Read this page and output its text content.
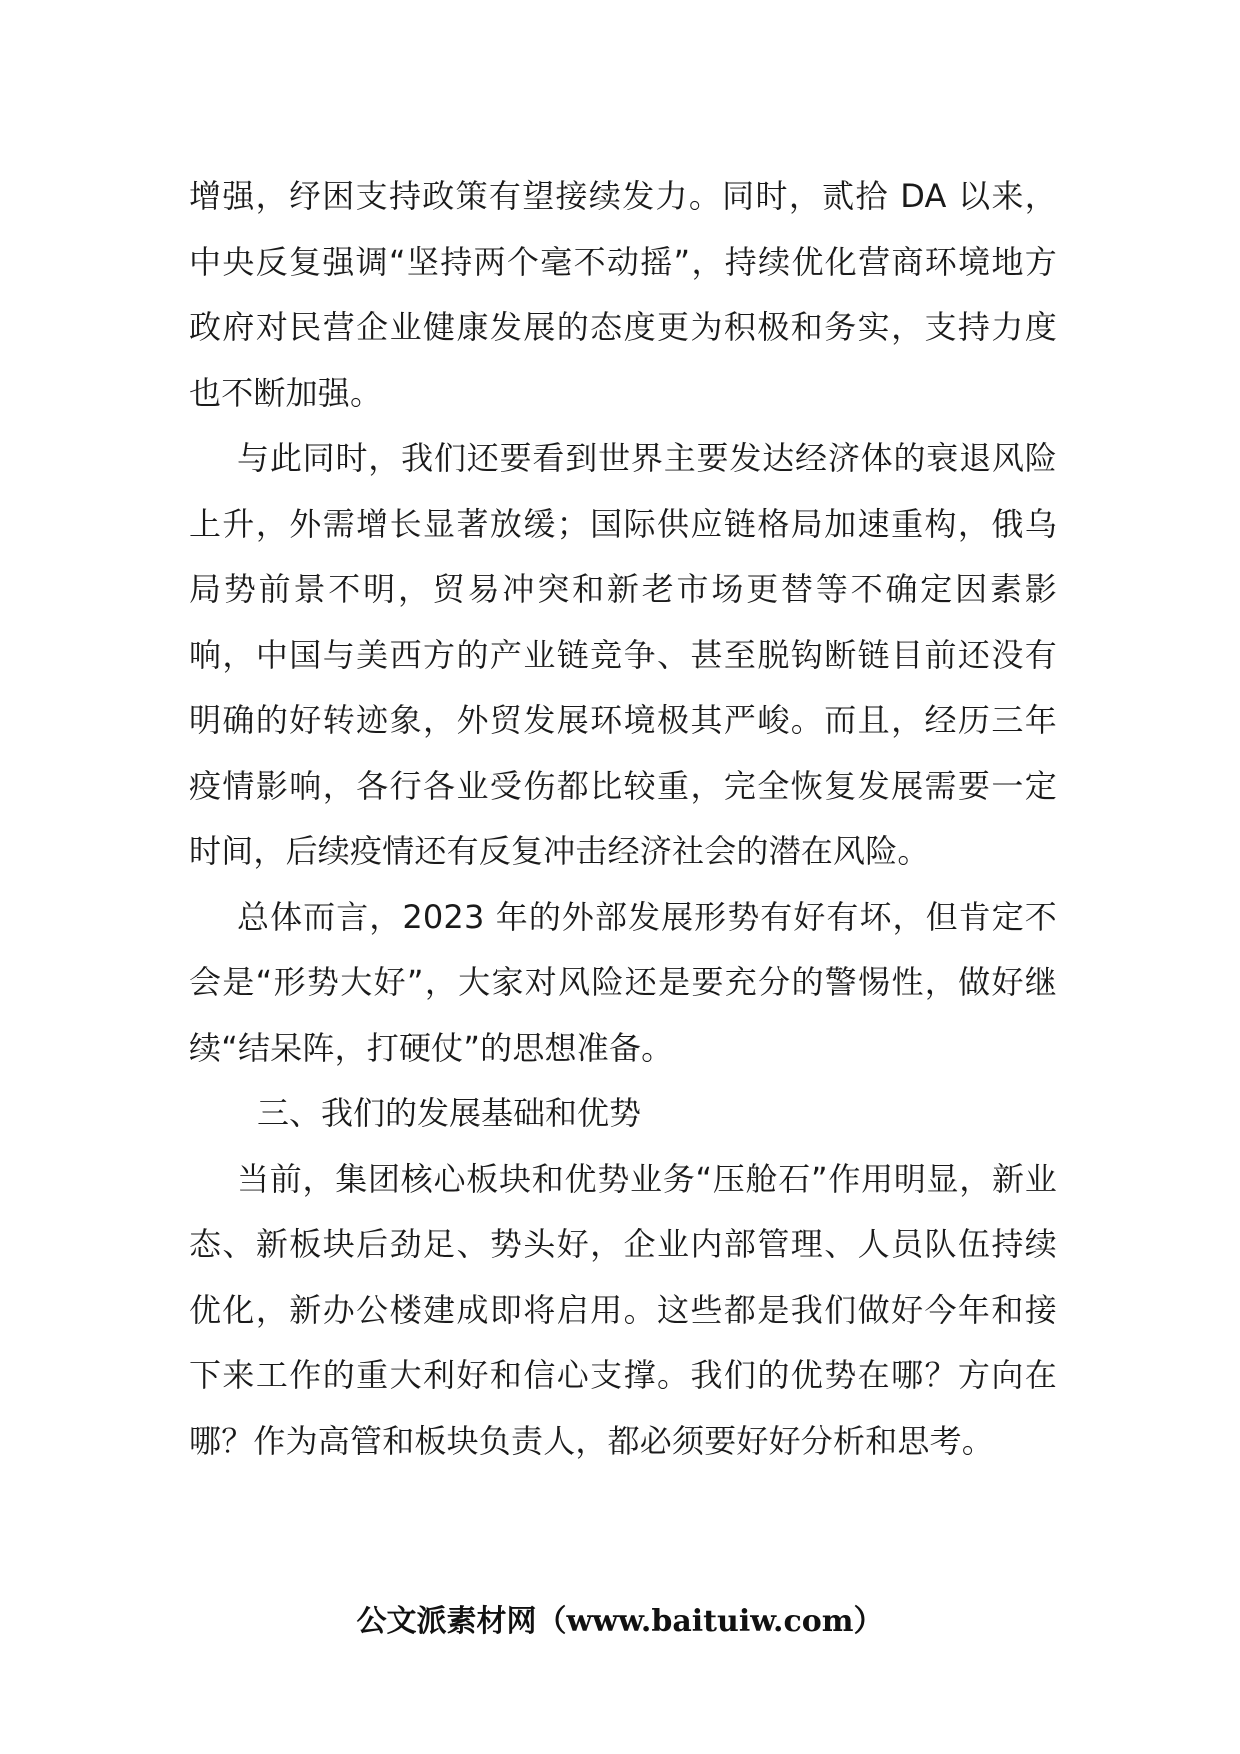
增强，纾困支持政策有望接续发力。同时，贰拾 DA 以来，中央反复强调“坚持两个毫不动摇”，持续优化营商环境地方政府对民营企业健康发展的态度更为积极和务实，支持力度也不断加强。

与此同时，我们还要看到世界主要发达经济体的衰退风险上升，外需增长显著放缓；国际供应链格局加速重构，俄乌局势前景不明，贸易冲突和新老市场更替等不确定因素影响，中国与美西方的产业链竞争、甚至脱钩断链目前还没有明确的好转迹象，外贸发展环境极其严峻。而且，经历三年疫情影响，各行各业受伤都比较重，完全恢复发展需要一定时间，后续疫情还有反复冲击经济社会的潜在风险。

总体而言，2023 年的外部发展形势有好有坏，但肯定不会是“形势大好”，大家对风险还是要充分的警惕性，做好继续“结呆阵，打硬仗”的思想准备。

三、我们的发展基础和优势

当前，集团核心板块和优势业务“压舱石”作用明显，新业态、新板块后劲足、势头好，企业内部管理、人员队伍持续优化，新办公楼建成即将启用。这些都是我们做好今年和接下来工作的重大利好和信心支撑。我们的优势在哪？方向在哪？作为高管和板块负责人，都必须要好好分析和思考。

公文派素材网（www.baituiw.com）
